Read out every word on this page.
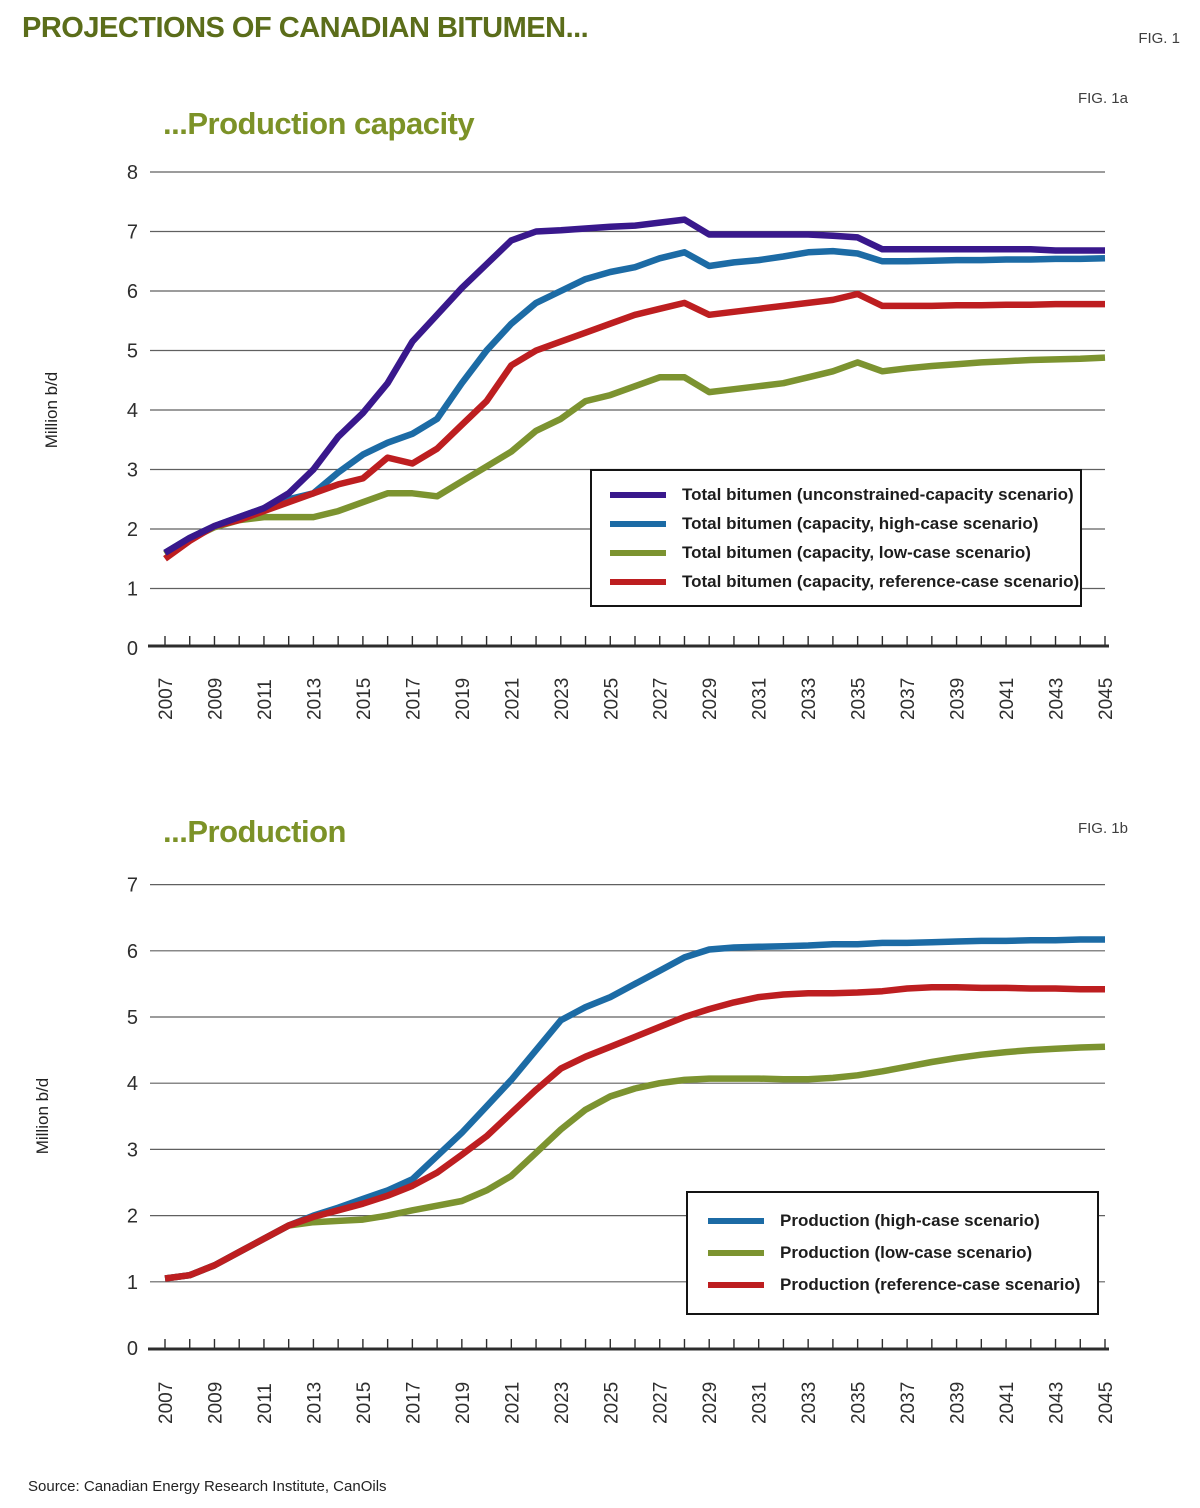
PROJECTIONS OF CANADIAN BITUMEN...	FIG. 1
2007 2009 2011 2013 2015 2017 2019 2021 2023 2025 2027 2029 2031 2033 2035 2037 2039 2041 2043 2045
0
1
2
3
4
5
6
7
8
Million b/d
2007 2009 2011 2013 2015 2017 2019 2021 2023 2025 2027 2029 2031 2033 2035 2037 2039 2041 2043 2045
0
1
2
3
4
5
6
7
Million b/d
...Production capacity
FIG. 1a
Total bitumen (unconstrained-capacity scenario)
Total bitumen (capacity, high-case scenario)
Total bitumen (capacity, low-case scenario)
Total bitumen (capacity, reference-case scenario)
...Production	FIG. 1b
Production (high-case scenario)
Production (low-case scenario)
Production (reference-case scenario)
Source: Canadian Energy Research Institute, CanOils
